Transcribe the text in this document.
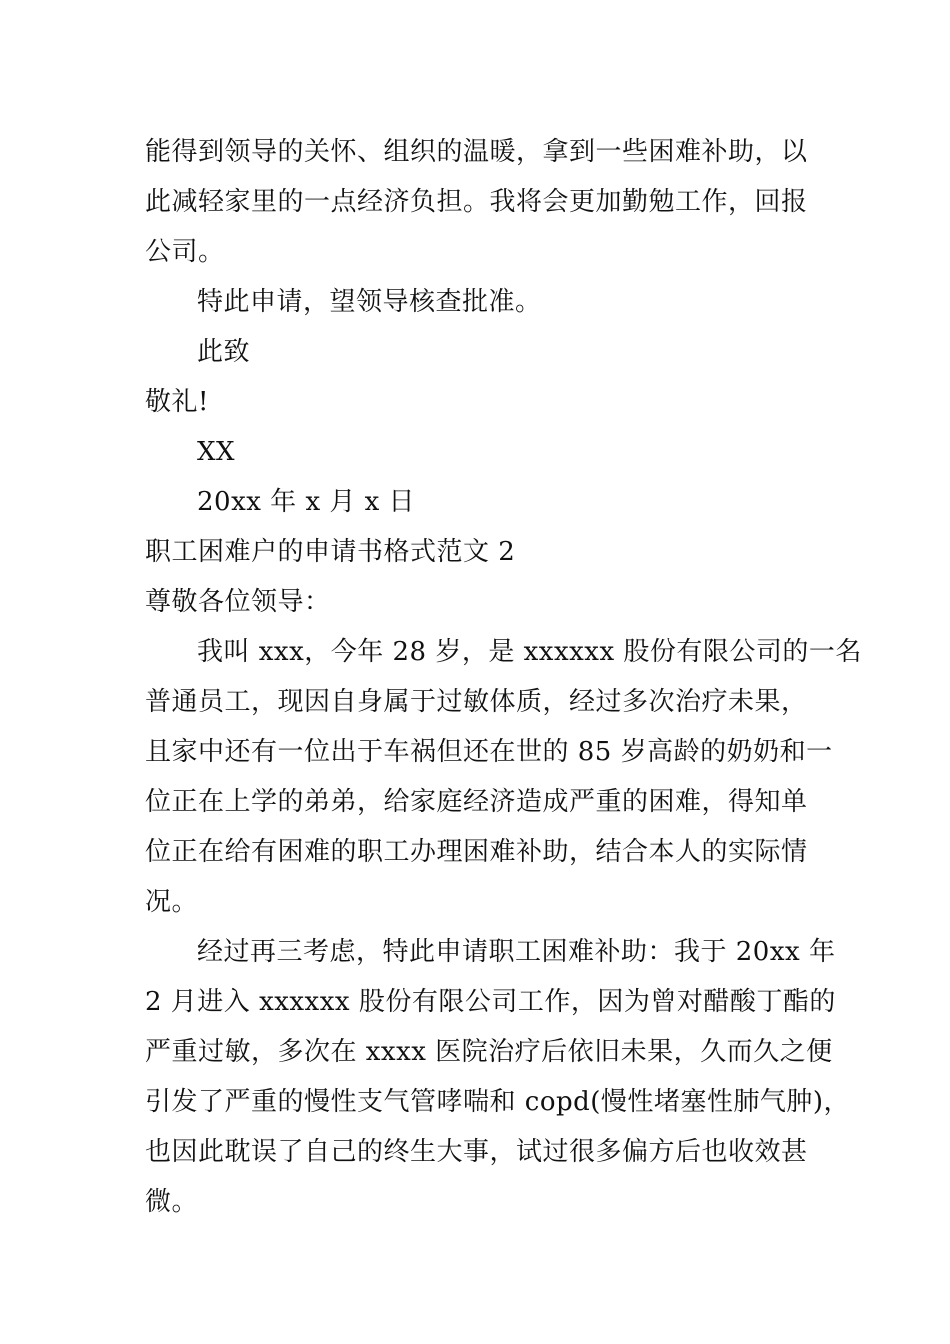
能得到领导的关怀、组织的温暖，拿到一些困难补助，以
此减轻家里的一点经济负担。我将会更加勤勉工作，回报
公司。
特此申请，望领导核查批准。
此致
敬礼!
XX
20xx 年 x 月 x 日
职工困难户的申请书格式范文 2
尊敬各位领导：
我叫 xxx，今年 28 岁，是 xxxxxx 股份有限公司的一名
普通员工，现因自身属于过敏体质，经过多次治疗未果，
且家中还有一位出于车祸但还在世的 85 岁高龄的奶奶和一
位正在上学的弟弟，给家庭经济造成严重的困难，得知单
位正在给有困难的职工办理困难补助，结合本人的实际情
况。
经过再三考虑，特此申请职工困难补助：我于 20xx 年
2 月进入 xxxxxx 股份有限公司工作，因为曾对醋酸丁酯的
严重过敏，多次在 xxxx 医院治疗后依旧未果，久而久之便
引发了严重的慢性支气管哮喘和 copd(慢性堵塞性肺气肿)，
也因此耽误了自己的终生大事，试过很多偏方后也收效甚
微。
